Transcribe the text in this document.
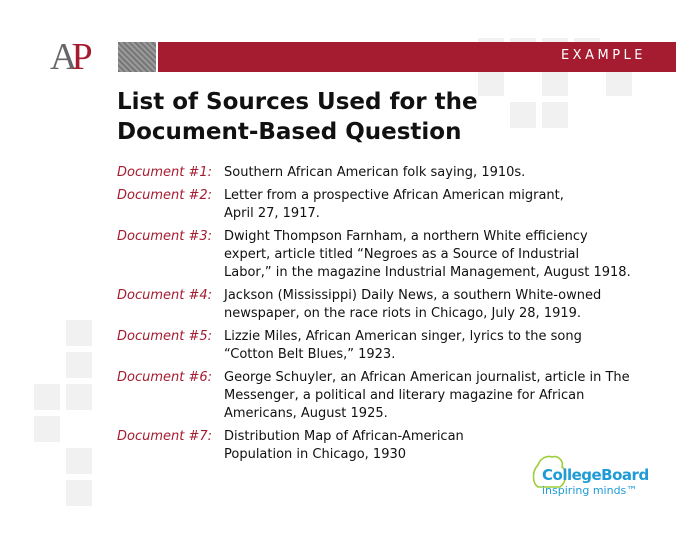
AP	EXAMPLE
List of Sources Used for the
Document-Based Question
Document #1: Southern African American folk saying, 1910s.
Document #2: Letter from a prospective African American migrant,
April 27, 1917.
Document #3: Dwight Thompson Farnham, a northern White efficiency
expert, article titled “Negroes as a Source of Industrial
Labor,” in the magazine Industrial Management, August 1918.
Document #4: Jackson (Mississippi) Daily News, a southern White-owned
newspaper, on the race riots in Chicago, July 28, 1919.
Document #5: Lizzie Miles, African American singer, lyrics to the song
“Cotton Belt Blues,” 1923.
Document #6: George Schuyler, an African American journalist, article in The
Messenger, a political and literary magazine for African
Americans, August 1925.
Document #7: Distribution Map of African-American
Population in Chicago, 1930
CollegeBoard
inspiring minds™
